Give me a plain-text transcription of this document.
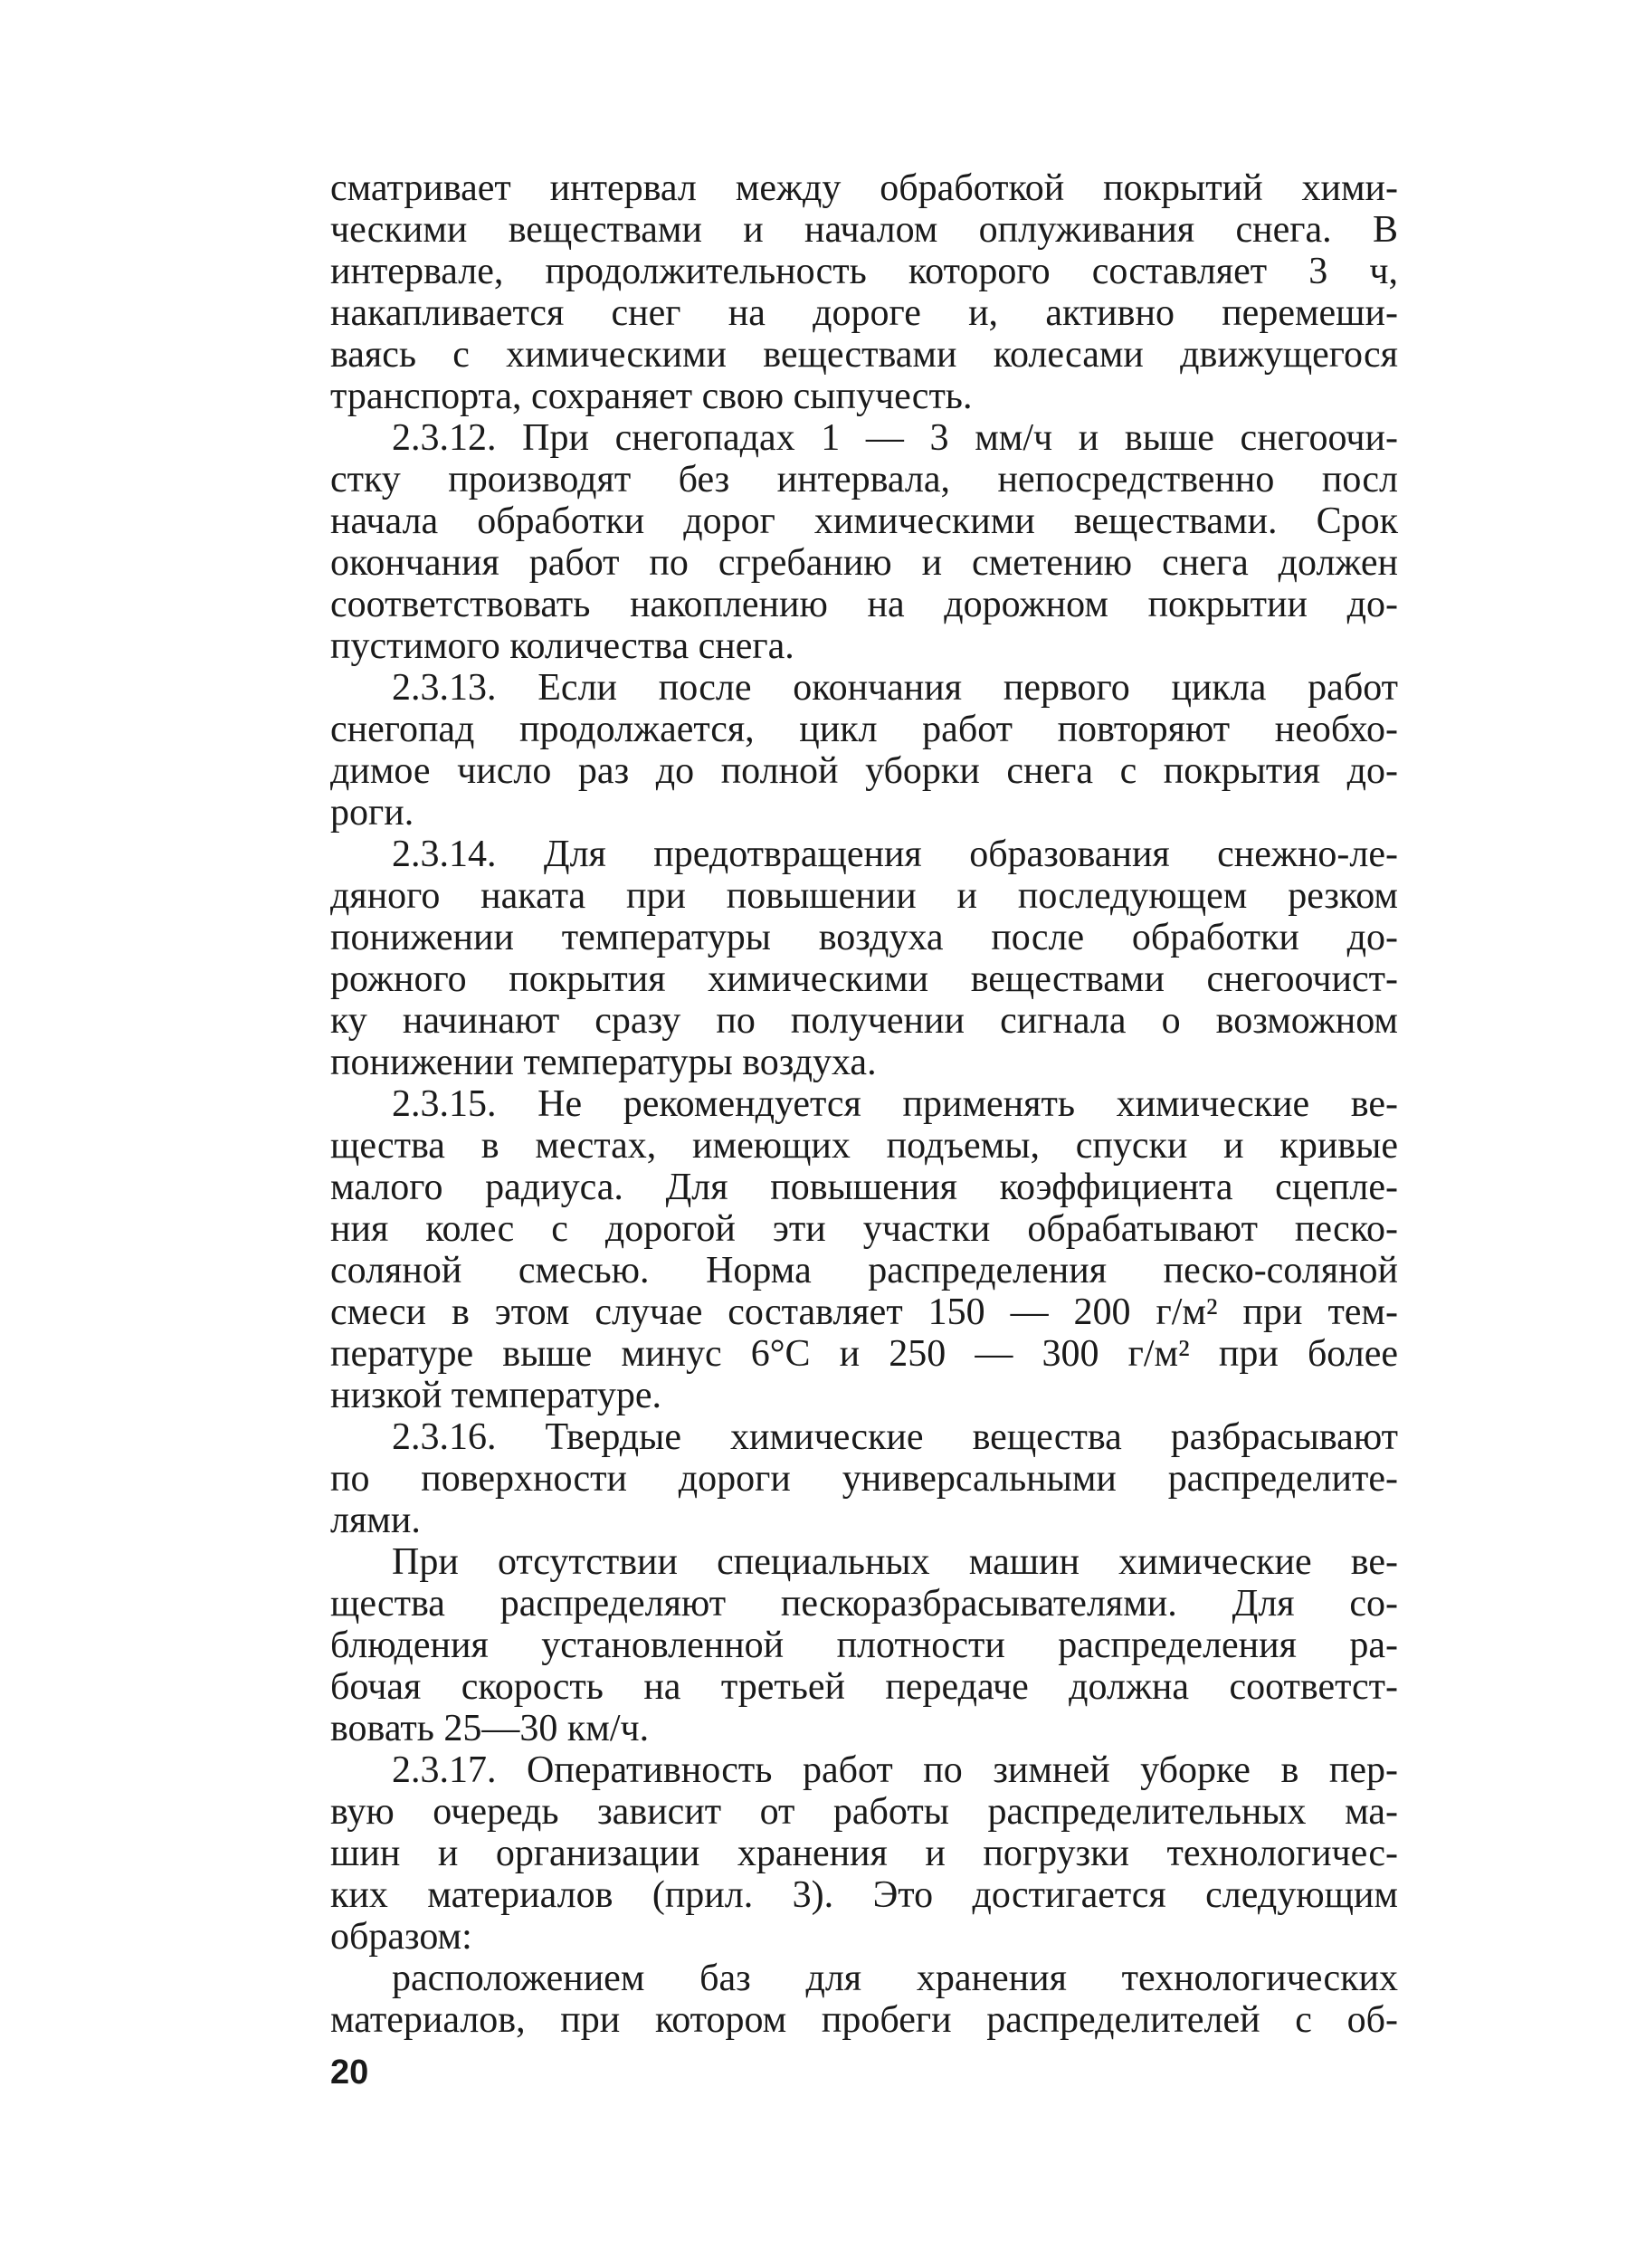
сматривает интервал между обработкой покрытий хими-
ческими веществами и началом оплуживания снега. В
интервале, продолжительность которого составляет 3 ч,
накапливается снег на дороге и, активно перемеши-
ваясь с химическими веществами колесами движущегося
транспорта, сохраняет свою сыпучесть.
2.3.12. При снегопадах 1 — 3 мм/ч и выше снегоочи-
стку производят без интервала, непосредственно посл
начала обработки дорог химическими веществами. Срок
окончания работ по сгребанию и сметению снега должен
соответствовать накоплению на дорожном покрытии до-
пустимого количества снега.
2.3.13. Если после окончания первого цикла работ
снегопад продолжается, цикл работ повторяют необхо-
димое число раз до полной уборки снега с покрытия до-
роги.
2.3.14. Для предотвращения образования снежно-ле-
дяного наката при повышении и последующем резком
понижении температуры воздуха после обработки до-
рожного покрытия химическими веществами снегоочист-
ку начинают сразу по получении сигнала о возможном
понижении температуры воздуха.
2.3.15. Не рекомендуется применять химические ве-
щества в местах, имеющих подъемы, спуски и кривые
малого радиуса. Для повышения коэффициента сцепле-
ния колес с дорогой эти участки обрабатывают песко-
соляной смесью. Норма распределения песко-соляной
смеси в этом случае составляет 150 — 200 г/м² при тем-
пературе выше минус 6°С и 250 — 300 г/м² при более
низкой температуре.
2.3.16. Твердые химические вещества разбрасывают
по поверхности дороги универсальными распределите-
лями.
При отсутствии специальных машин химические ве-
щества распределяют пескоразбрасывателями. Для со-
блюдения установленной плотности распределения ра-
бочая скорость на третьей передаче должна соответст-
вовать 25—30 км/ч.
2.3.17. Оперативность работ по зимней уборке в пер-
вую очередь зависит от работы распределительных ма-
шин и организации хранения и погрузки технологичес-
ких материалов (прил. 3). Это достигается следующим
образом:
расположением баз для хранения технологических
материалов, при котором пробеги распределителей с об-
20
